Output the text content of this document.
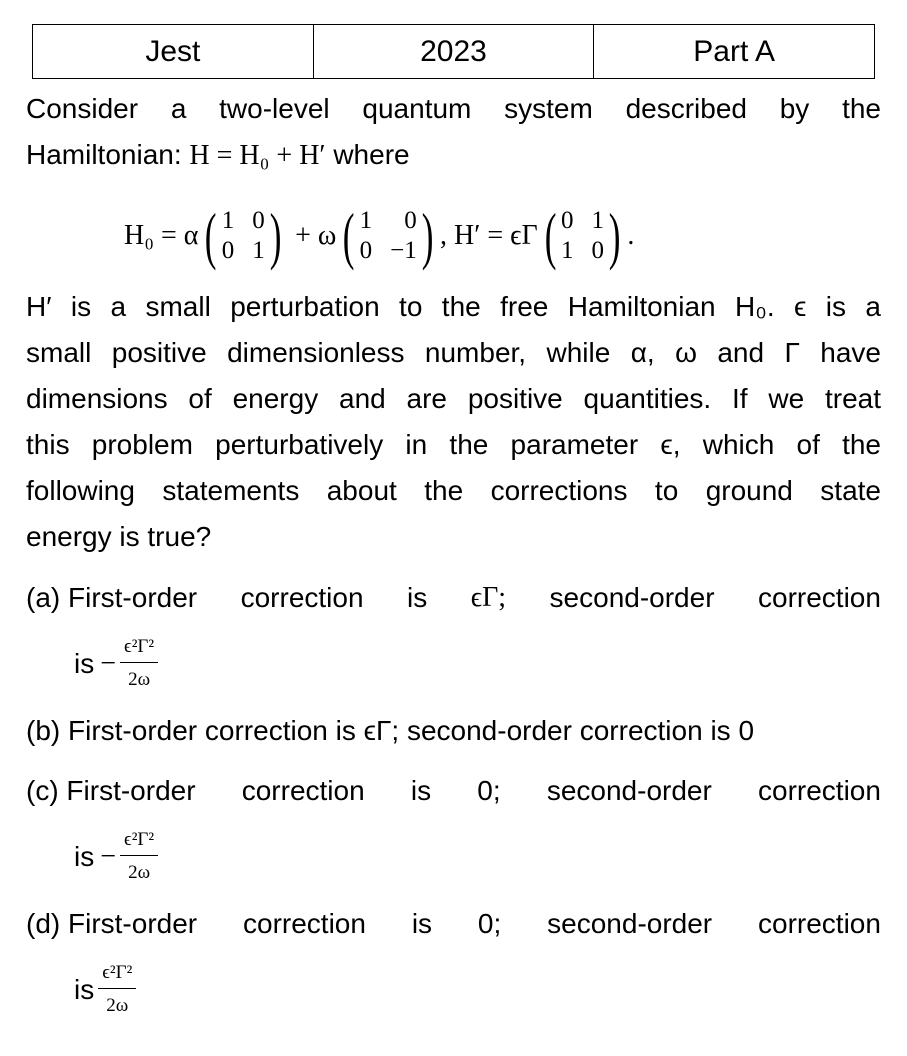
Jest	2023	Part A
Consider a two-level quantum system described by the
Hamiltonian: H = H₀ + H′ where
H₀ = α ( 1 0
0 1 ) + ω ( 1	0
0 −1 ) , H′ = ϵΓ ( 0 1
1 0 ) .
H′ is a small perturbation to the free Hamiltonian H₀. ϵ is a
small positive dimensionless number, while α, ω and Γ have
dimensions of energy and are positive quantities. If we treat
this problem perturbatively in the parameter ϵ, which of the
following statements about the corrections to ground state
energy is true?
(a) First-order correction is ϵΓ; second-order correction
is − $\frac{\text{ϵ²Γ²}}{2\omega}$
(b) First-order correction is ϵΓ; second-order correction is 0
(c) First-order correction is 0; second-order correction
is − $\frac{\text{ϵ²Γ²}}{2\omega}$
(d) First-order correction is 0; second-order correction
is $\frac{\text{ϵ²Γ²}}{2\omega}$
